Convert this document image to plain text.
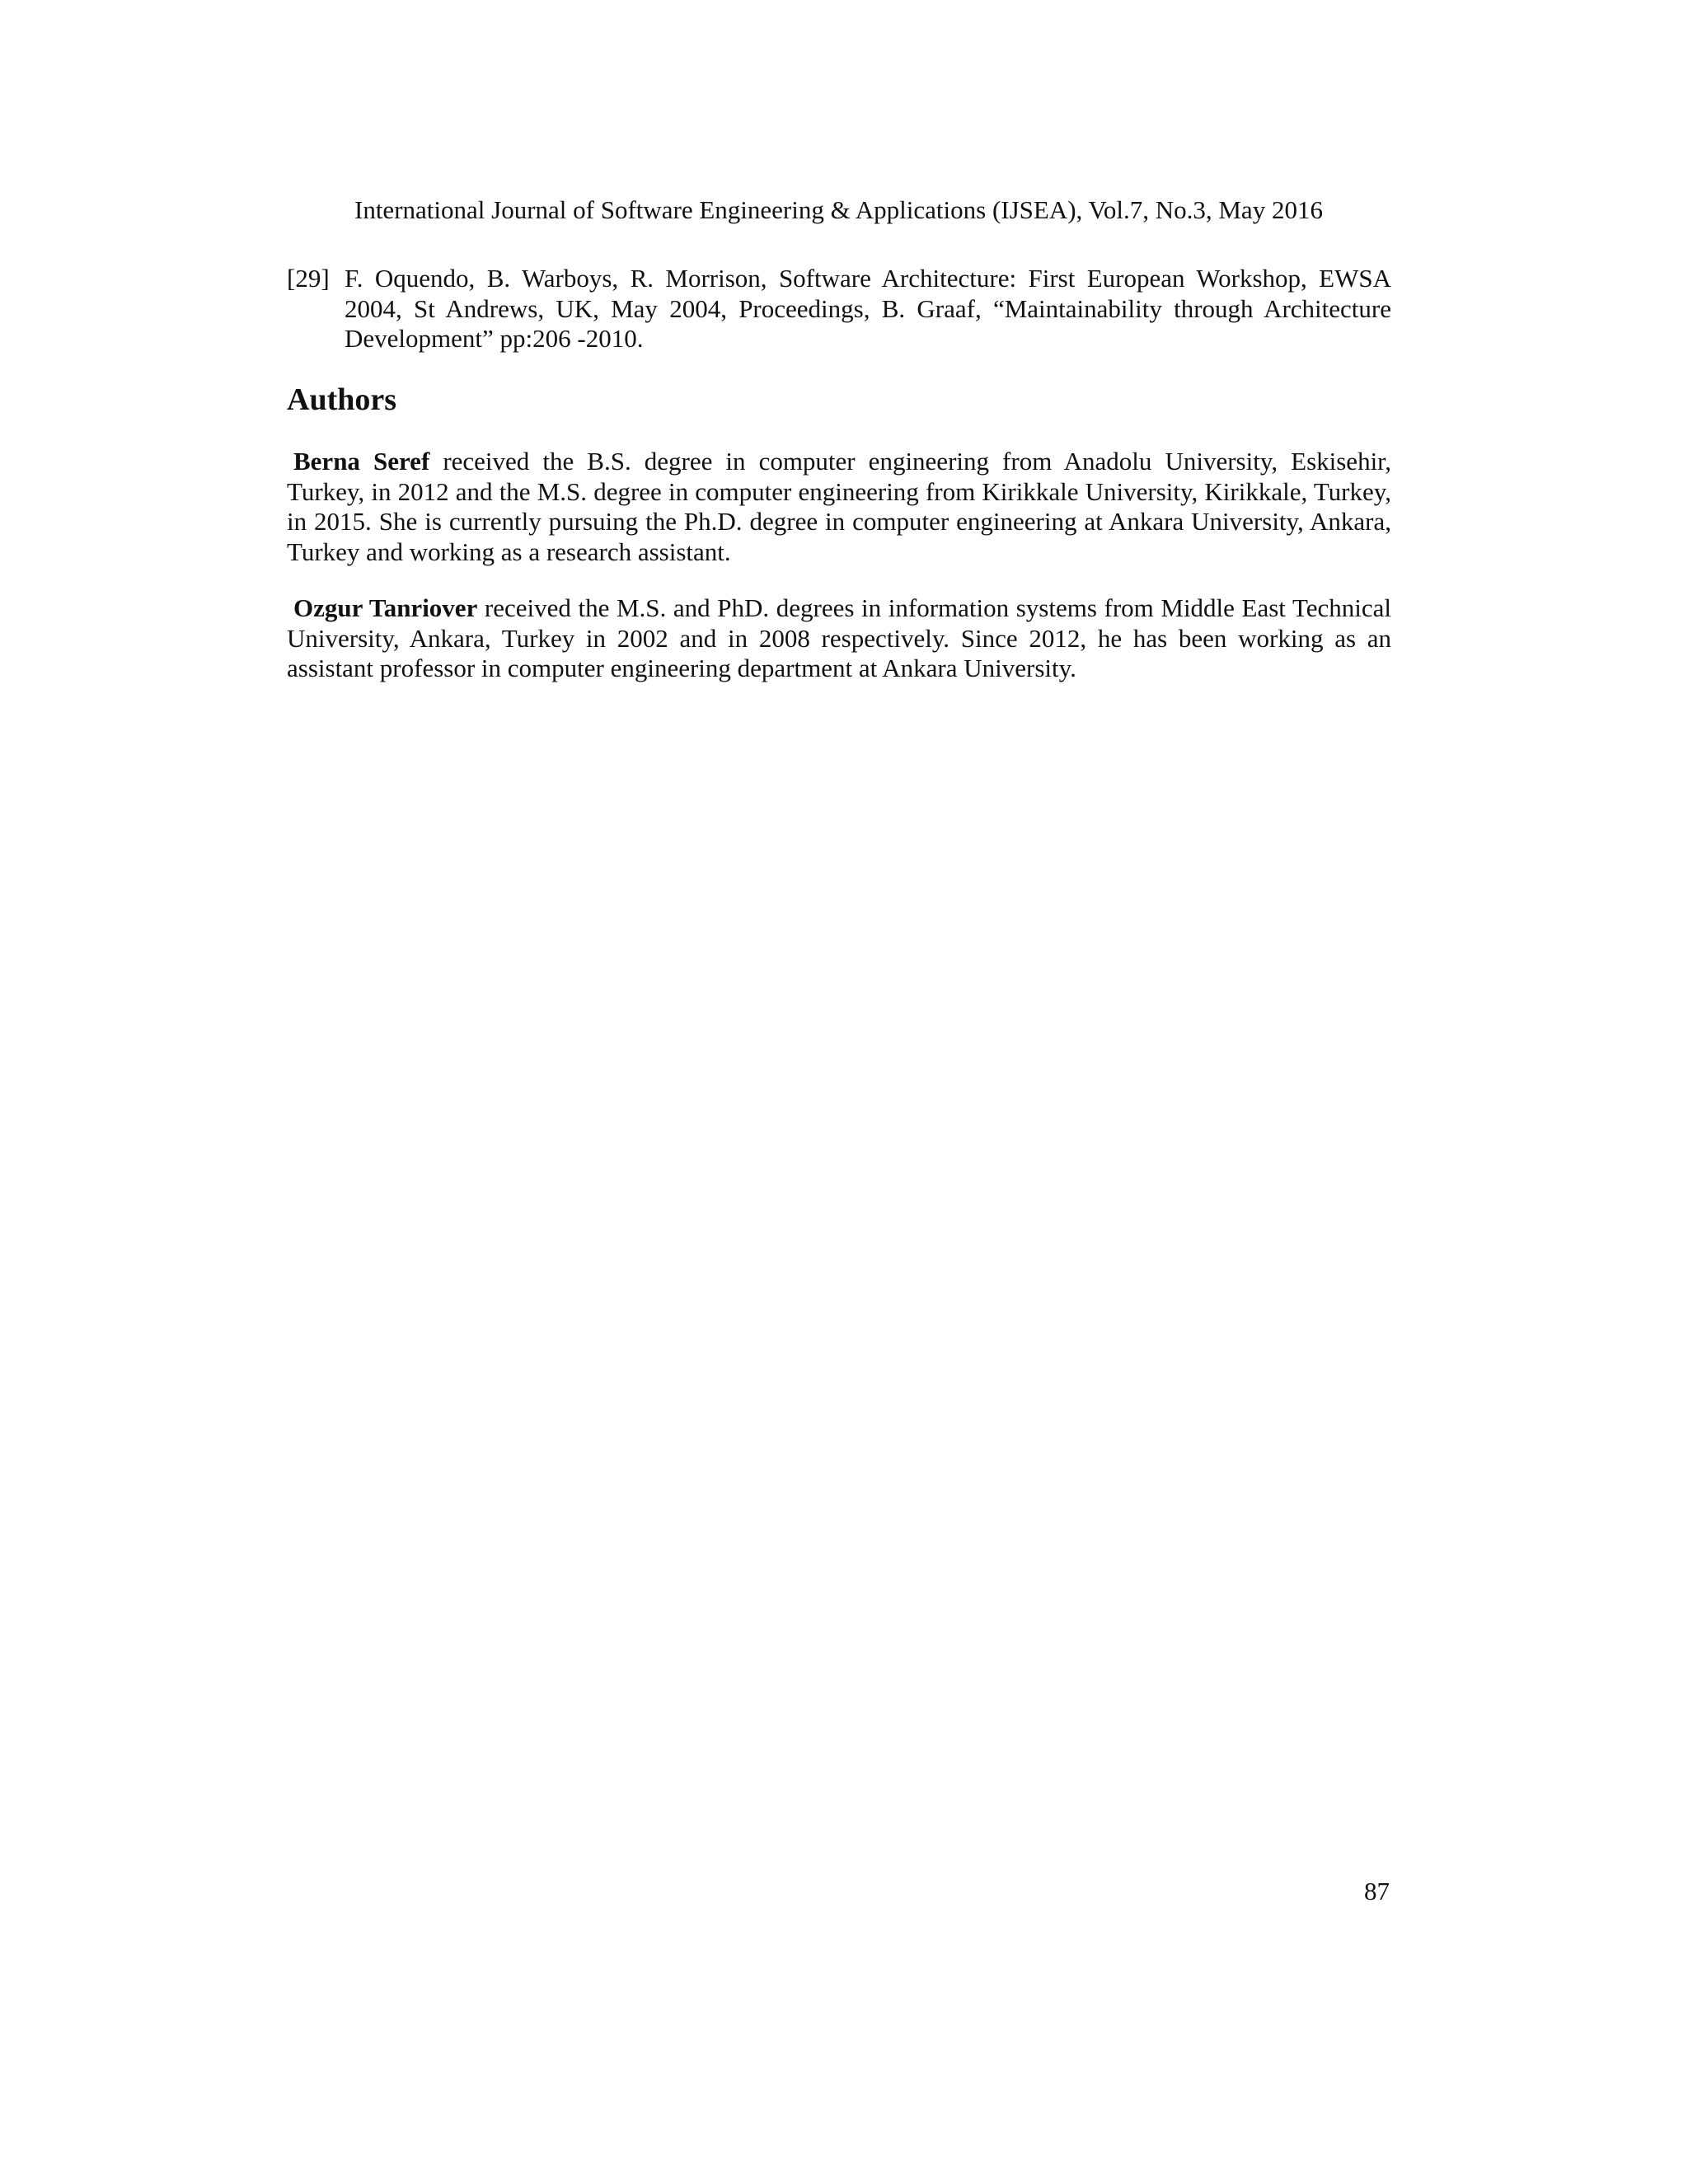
International Journal of Software Engineering & Applications (IJSEA), Vol.7, No.3, May 2016
[29] F. Oquendo, B. Warboys, R. Morrison, Software Architecture: First European Workshop, EWSA 2004, St Andrews, UK, May 2004, Proceedings, B. Graaf, “Maintainability through Architecture Development” pp:206 -2010.
Authors

Berna Seref received the B.S. degree in computer engineering from Anadolu University, Eskisehir, Turkey, in 2012 and the M.S. degree in computer engineering from Kirikkale University, Kirikkale, Turkey, in 2015. She is currently pursuing the Ph.D. degree in computer engineering at Ankara University, Ankara, Turkey and working as a research assistant.

Ozgur Tanriover received the M.S. and PhD. degrees in information systems from Middle East Technical University, Ankara, Turkey in 2002 and in 2008 respectively. Since 2012, he has been working as an assistant professor in computer engineering department at Ankara University.

87
